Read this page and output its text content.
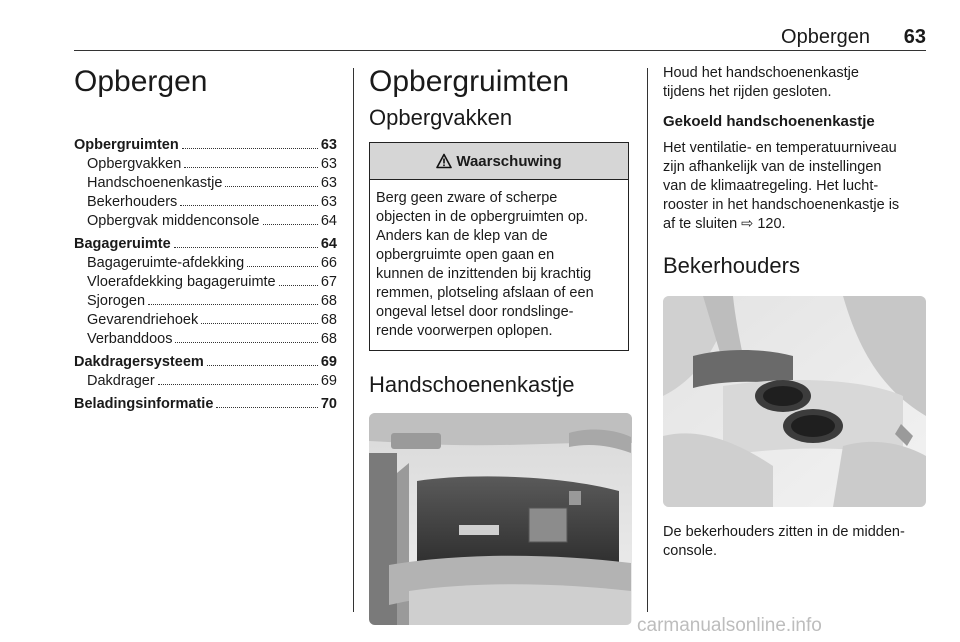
Opbergen 63
Opbergen
Opbergruimten	63
Opbergvakken	63
Handschoenenkastje	63
Bekerhouders	63
Opbergvak middenconsole	64
Bagageruimte	64
Bagageruimte-afdekking	66
Vloerafdekking bagageruimte	67
Sjorogen	68
Gevarendriehoek	68
Verbanddoos	68
Dakdragersysteem	69
Dakdrager	69
Beladingsinformatie	70
Opbergruimten
Opbergvakken
Waarschuwing
Berg geen zware of scherpe
objecten in de opbergruimten op.
Anders kan de klep van de
opbergruimte open gaan en
kunnen de inzittenden bij krachtig
remmen, plotseling afslaan of een
ongeval letsel door rondslinge-
rende voorwerpen oplopen.
Handschoenenkastje

Houd het handschoenenkastje
tijdens het rijden gesloten.

Gekoeld handschoenenkastje

Het ventilatie- en temperatuurniveau
zijn afhankelijk van de instellingen
van de klimaatregeling. Het lucht-
rooster in het handschoenenkastje is
af te sluiten ⇨ 120.

Bekerhouders

De bekerhouders zitten in de midden-
console.

carmanualsonline.info
